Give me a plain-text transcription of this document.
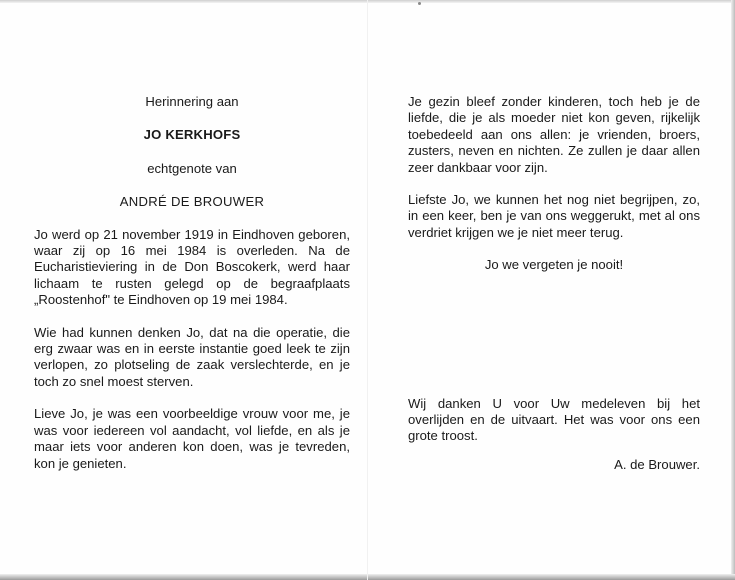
Herinnering aan

JO KERKHOFS

echtgenote van

ANDRÉ DE BROUWER

Jo werd op 21 november 1919 in Eindhoven geboren, waar zij op 16 mei 1984 is overleden. Na de Eucharistieviering in de Don Boscokerk, werd haar lichaam te rusten gelegd op de begraafplaats „Roostenhof" te Eindhoven op 19 mei 1984.

Wie had kunnen denken Jo, dat na die operatie, die erg zwaar was en in eerste instantie goed leek te zijn verlopen, zo plotseling de zaak verslechterde, en je toch zo snel moest sterven.

Lieve Jo, je was een voorbeeldige vrouw voor me, je was voor iedereen vol aandacht, vol liefde, en als je maar iets voor anderen kon doen, was je tevreden, kon je genieten.

Je gezin bleef zonder kinderen, toch heb je de liefde, die je als moeder niet kon geven, rijkelijk toebedeeld aan ons allen: je vrienden, broers, zusters, neven en nichten. Ze zullen je daar allen zeer dankbaar voor zijn.

Liefste Jo, we kunnen het nog niet begrijpen, zo, in een keer, ben je van ons weggerukt, met al ons verdriet krijgen we je niet meer terug.

Jo we vergeten je nooit!

Wij danken U voor Uw medeleven bij het overlijden en de uitvaart. Het was voor ons een grote troost.

A. de Brouwer.
